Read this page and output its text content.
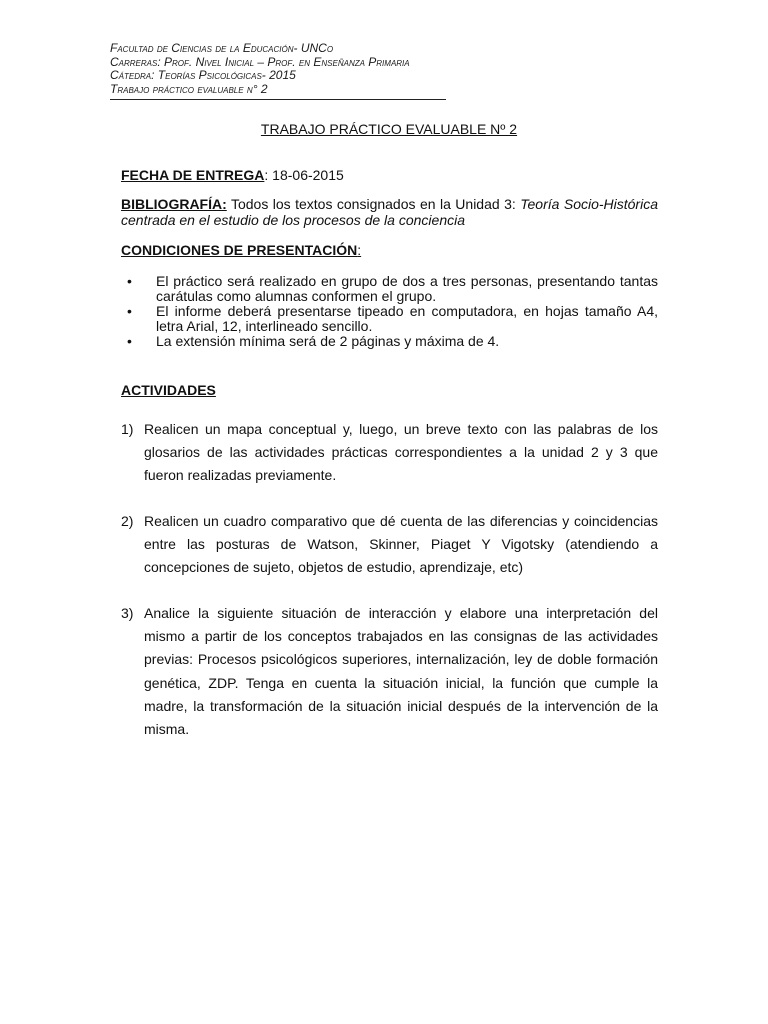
Facultad de Ciencias de la Educación- UNCo
Carreras: Prof. Nivel Inicial – Prof. en Enseñanza Primaria
Cátedra: Teorías Psicológicas- 2015
Trabajo práctico evaluable n° 2
TRABAJO PRÁCTICO EVALUABLE Nº 2
FECHA DE ENTREGA: 18-06-2015
BIBLIOGRAFÍA: Todos los textos consignados en la Unidad 3: Teoría Socio-Histórica centrada en el estudio de los procesos de la conciencia
CONDICIONES DE PRESENTACIÓN:
• El práctico será realizado en grupo de dos a tres personas, presentando tantas carátulas como alumnas conformen el grupo.
• El informe deberá presentarse tipeado en computadora, en hojas tamaño A4, letra Arial, 12, interlineado sencillo.
• La extensión mínima será de 2 páginas y máxima de 4.
ACTIVIDADES
1) Realicen un mapa conceptual y, luego, un breve texto con las palabras de los glosarios de las actividades prácticas correspondientes a la unidad 2 y 3 que fueron realizadas previamente.
2) Realicen un cuadro comparativo que dé cuenta de las diferencias y coincidencias entre las posturas de Watson, Skinner, Piaget Y Vigotsky (atendiendo a concepciones de sujeto, objetos de estudio, aprendizaje, etc)
3) Analice la siguiente situación de interacción y elabore una interpretación del mismo a partir de los conceptos trabajados en las consignas de las actividades previas: Procesos psicológicos superiores, internalización, ley de doble formación genética, ZDP. Tenga en cuenta la situación inicial, la función que cumple la madre, la transformación de la situación inicial después de la intervención de la misma.
